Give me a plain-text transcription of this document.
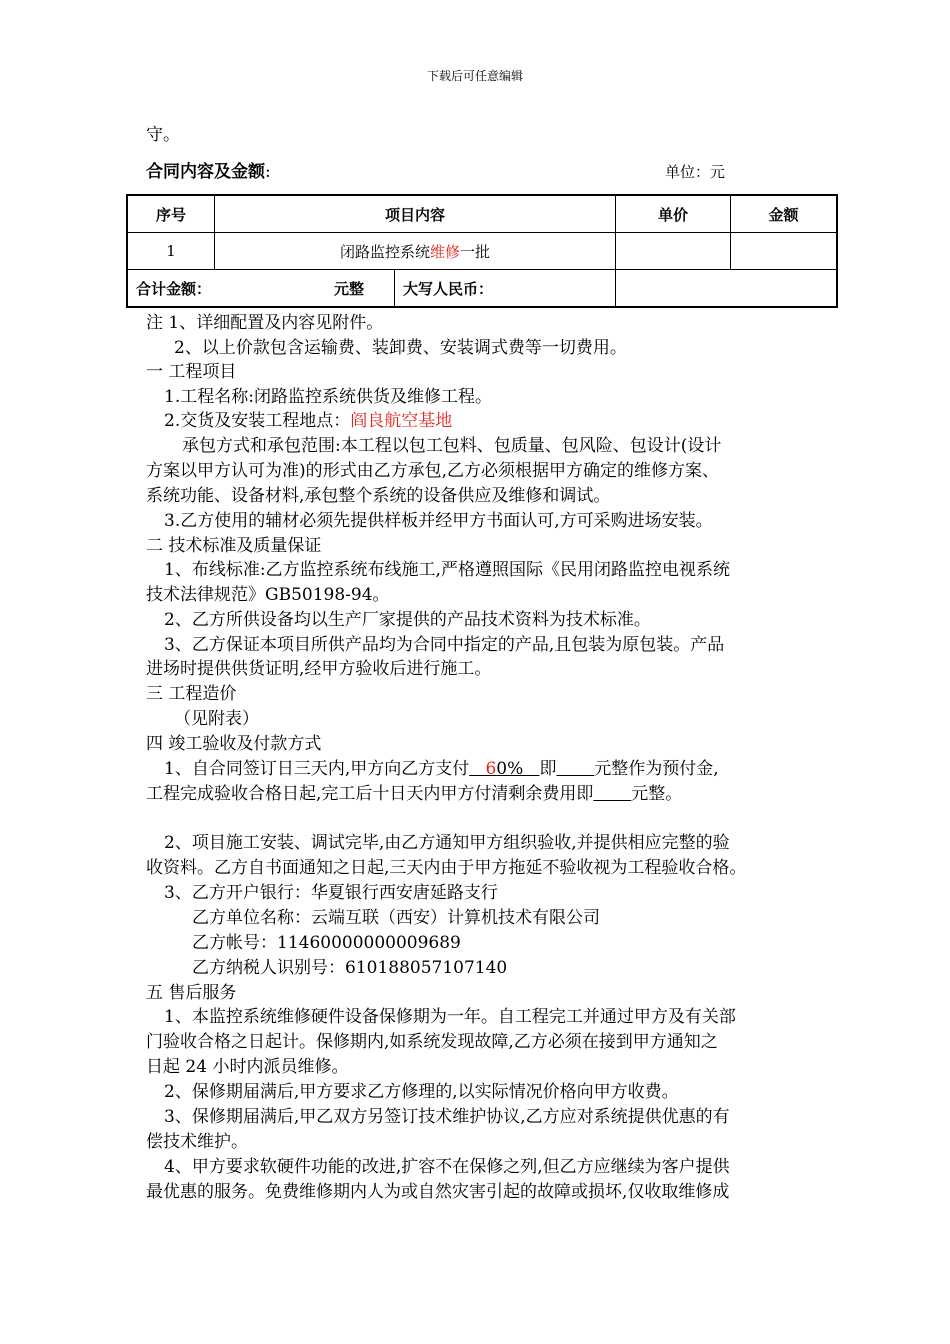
下载后可任意编辑
守。
合同内容及金额:	单位：元
序号	项目内容	单价	金额
1	闭路监控系统维修一批		

合计金额： 元整 大写人民币：			

注 1、详细配置及内容见附件。
2、以上价款包含运输费、装卸费、安装调式费等一切费用。
一 工程项目
1.工程名称:闭路监控系统供货及维修工程。
2.交货及安装工程地点：阎良航空基地
承包方式和承包范围:本工程以包工包料、包质量、包风险、包设计(设计
方案以甲方认可为准)的形式由乙方承包,乙方必须根据甲方确定的维修方案、
系统功能、设备材料,承包整个系统的设备供应及维修和调试。
3.乙方使用的辅材必须先提供样板并经甲方书面认可,方可采购进场安装。
二 技术标准及质量保证
1、布线标准:乙方监控系统布线施工,严格遵照国际《民用闭路监控电视系统
技术法律规范》GB50198-94。
2、乙方所供设备均以生产厂家提供的产品技术资料为技术标准。
3、乙方保证本项目所供产品均为合同中指定的产品,且包装为原包装。产品
进场时提供供货证明,经甲方验收后进行施工。
三 工程造价
（见附表）
四 竣工验收及付款方式
1、自合同签订日三天内,甲方向乙方支付 60%   即 元整作为预付金,
工程完成验收合格日起,完工后十日天内甲方付清剩余费用即 元整。
2、项目施工安装、调试完毕,由乙方通知甲方组织验收,并提供相应完整的验
收资料。乙方自书面通知之日起,三天内由于甲方拖延不验收视为工程验收合格。
3、乙方开户银行：华夏银行西安唐延路支行
乙方单位名称：云端互联（西安）计算机技术有限公司
乙方帐号：11460000000009689
乙方纳税人识别号：610188057107140
五 售后服务
1、本监控系统维修硬件设备保修期为一年。自工程完工并通过甲方及有关部
门验收合格之日起计。保修期内,如系统发现故障,乙方必须在接到甲方通知之
日起 24 小时内派员维修。
2、保修期届满后,甲方要求乙方修理的,以实际情况价格向甲方收费。
3、保修期届满后,甲乙双方另签订技术维护协议,乙方应对系统提供优惠的有
偿技术维护。
4、甲方要求软硬件功能的改进,扩容不在保修之列,但乙方应继续为客户提供
最优惠的服务。免费维修期内人为或自然灾害引起的故障或损坏,仅收取维修成
